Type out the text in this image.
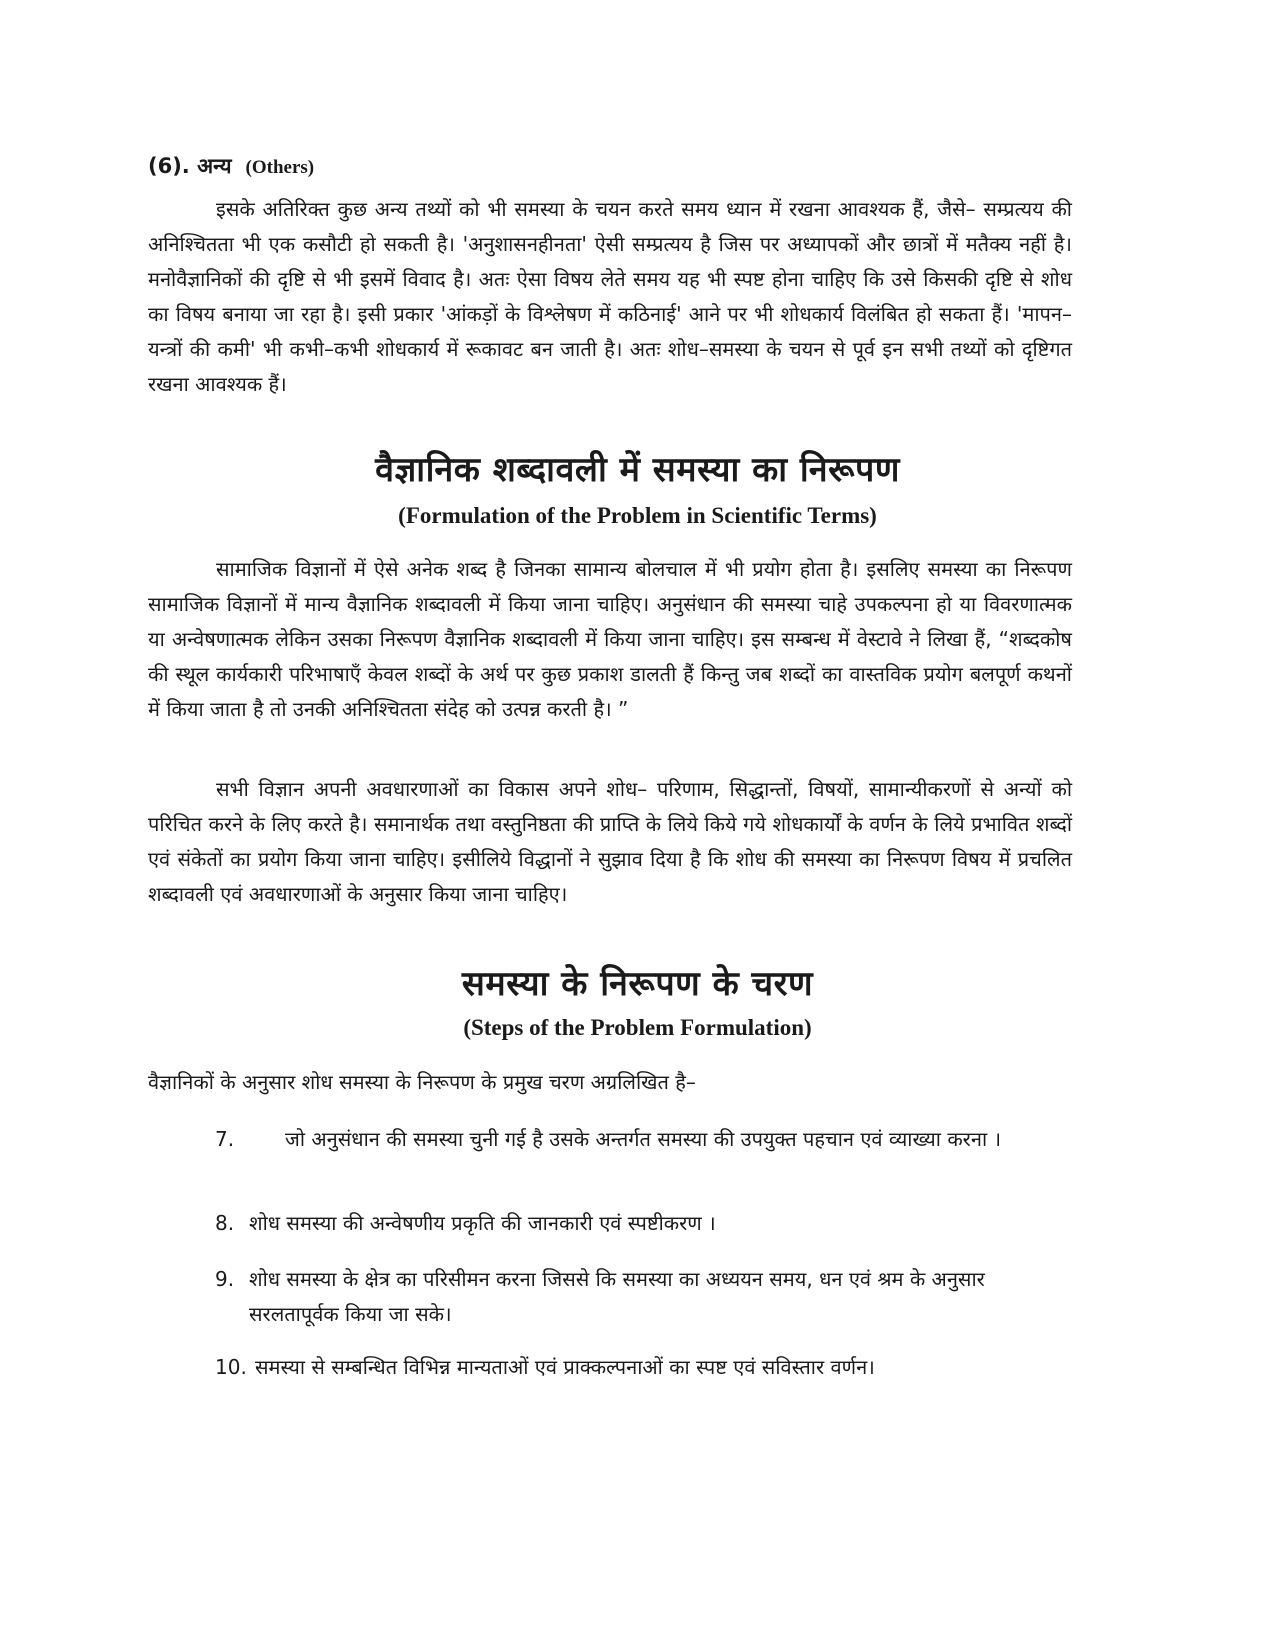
(6). अन्य (Others)

इसके अतिरिक्त कुछ अन्य तथ्यों को भी समस्या के चयन करते समय ध्यान में रखना आवश्यक हैं, जैसे– सम्प्रत्यय की अनिश्चितता भी एक कसौटी हो सकती है। 'अनुशासनहीनता' ऐसी सम्प्रत्यय है जिस पर अध्यापकों और छात्रों में मतैक्य नहीं है। मनोवैज्ञानिकों की दृष्टि से भी इसमें विवाद है। अतः ऐसा विषय लेते समय यह भी स्पष्ट होना चाहिए कि उसे किसकी दृष्टि से शोध का विषय बनाया जा रहा है। इसी प्रकार 'आंकड़ों के विश्लेषण में कठिनाई' आने पर भी शोधकार्य विलंबित हो सकता हैं। 'मापन–यन्त्रों की कमी' भी कभी–कभी शोधकार्य में रूकावट बन जाती है। अतः शोध–समस्या के चयन से पूर्व इन सभी तथ्यों को दृष्टिगत रखना आवश्यक हैं।

वैज्ञानिक शब्दावली में समस्या का निरूपण
(Formulation of the Problem in Scientific Terms)

सामाजिक विज्ञानों में ऐसे अनेक शब्द है जिनका सामान्य बोलचाल में भी प्रयोग होता है। इसलिए समस्या का निरूपण सामाजिक विज्ञानों में मान्य वैज्ञानिक शब्दावली में किया जाना चाहिए। अनुसंधान की समस्या चाहे उपकल्पना हो या विवरणात्मक या अन्वेषणात्मक लेकिन उसका निरूपण वैज्ञानिक शब्दावली में किया जाना चाहिए। इस सम्बन्ध में वेस्टावे ने लिखा हैं, “शब्दकोष की स्थूल कार्यकारी परिभाषाएँ केवल शब्दों के अर्थ पर कुछ प्रकाश डालती हैं किन्तु जब शब्दों का वास्तविक प्रयोग बलपूर्ण कथनों में किया जाता है तो उनकी अनिश्चितता संदेह को उत्पन्न करती है। ”

सभी विज्ञान अपनी अवधारणाओं का विकास अपने शोध– परिणाम, सिद्धान्तों, विषयों, सामान्यीकरणों से अन्यों को परिचित करने के लिए करते है। समानार्थक तथा वस्तुनिष्ठता की प्राप्ति के लिये किये गये शोधकार्यों के वर्णन के लिये प्रभावित शब्दों एवं संकेतों का प्रयोग किया जाना चाहिए। इसीलिये विद्धानों ने सुझाव दिया है कि शोध की समस्या का निरूपण विषय में प्रचलित शब्दावली एवं अवधारणाओं के अनुसार किया जाना चाहिए।

समस्या के निरूपण के चरण
(Steps of the Problem Formulation)
वैज्ञानिकों के अनुसार शोध समस्या के निरूपण के प्रमुख चरण अग्रलिखित है–
7.	जो अनुसंधान की समस्या चुनी गई है उसके अन्तर्गत समस्या की उपयुक्त पहचान एवं व्याख्या करना ।
8. शोध समस्या की अन्वेषणीय प्रकृति की जानकारी एवं स्पष्टीकरण ।
9. शोध समस्या के क्षेत्र का परिसीमन करना जिससे कि समस्या का अध्ययन समय, धन एवं श्रम के अनुसार सरलतापूर्वक किया जा सके।
10. समस्या से सम्बन्धित विभिन्न मान्यताओं एवं प्राक्कल्पनाओं का स्पष्ट एवं सविस्तार वर्णन।
